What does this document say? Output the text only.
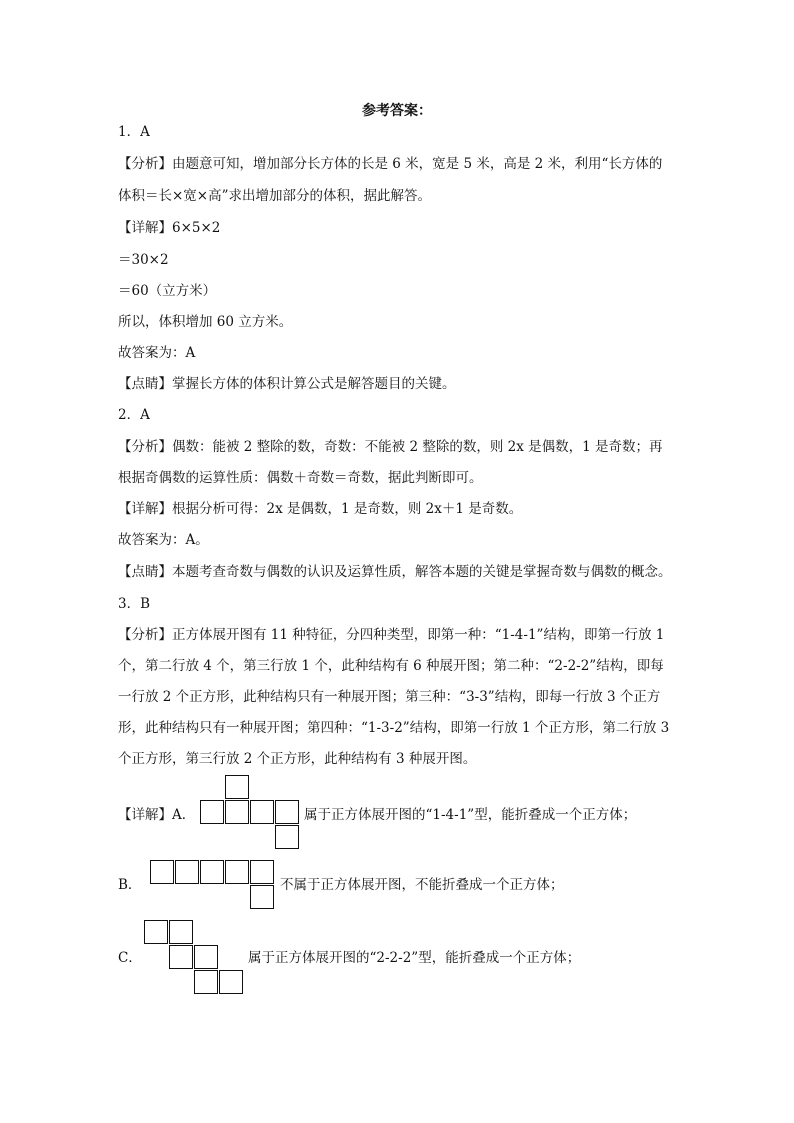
参考答案：
1．A
【分析】由题意可知，增加部分长方体的长是 6 米，宽是 5 米，高是 2 米，利用“长方体的
体积＝长×宽×高”求出增加部分的体积，据此解答。
【详解】6×5×2
＝30×2
＝60（立方米）
所以，体积增加 60 立方米。
故答案为：A
【点睛】掌握长方体的体积计算公式是解答题目的关键。
2．A
【分析】偶数：能被 2 整除的数，奇数：不能被 2 整除的数，则 2x 是偶数，1 是奇数；再
根据奇偶数的运算性质：偶数＋奇数＝奇数，据此判断即可。
【详解】根据分析可得：2x 是偶数，1 是奇数，则 2x＋1 是奇数。
故答案为：A。
【点睛】本题考查奇数与偶数的认识及运算性质，解答本题的关键是掌握奇数与偶数的概念。
3．B
【分析】正方体展开图有 11 种特征，分四种类型，即第一种：“1-4-1”结构，即第一行放 1
个，第二行放 4 个，第三行放 1 个，此种结构有 6 种展开图；第二种：“2-2-2”结构，即每
一行放 2 个正方形，此种结构只有一种展开图；第三种：“3-3”结构，即每一行放 3 个正方
形，此种结构只有一种展开图；第四种：“1-3-2”结构，即第一行放 1 个正方形，第二行放 3
个正方形，第三行放 2 个正方形，此种结构有 3 种展开图。
【详解】A．	属于正方体展开图的“1-4-1”型，能折叠成一个正方体；
B．	不属于正方体展开图，不能折叠成一个正方体；
C．	属于正方体展开图的“2-2-2”型，能折叠成一个正方体；
